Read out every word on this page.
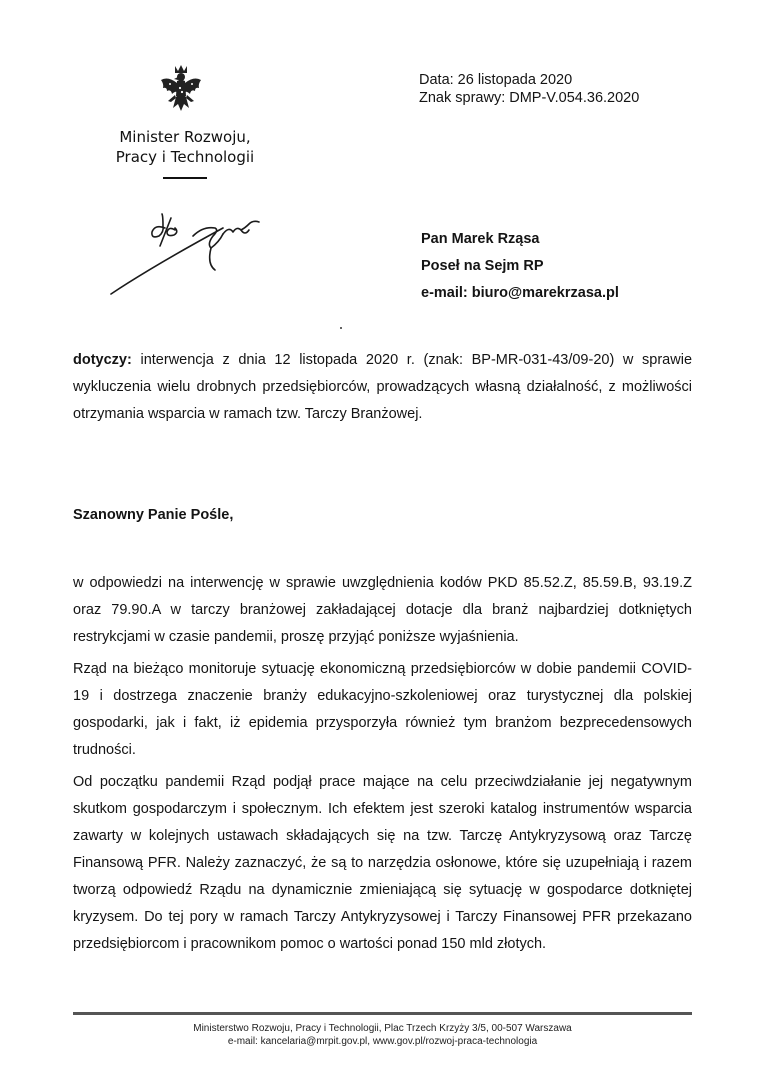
Minister Rozwoju,
Pracy i Technologii
Data: 26 listopada 2020
Znak sprawy: DMP-V.054.36.2020
Pan Marek Rząsa
Poseł na Sejm RP
e-mail: biuro@marekrzasa.pl
dotyczy: interwencja z dnia 12 listopada 2020 r. (znak: BP-MR-031-43/09-20) w sprawie wykluczenia wielu drobnych przedsiębiorców, prowadzących własną działalność, z możliwości otrzymania wsparcia w ramach tzw. Tarczy Branżowej.
Szanowny Panie Pośle,
w odpowiedzi na interwencję w sprawie uwzględnienia kodów PKD 85.52.Z, 85.59.B, 93.19.Z oraz 79.90.A w tarczy branżowej zakładającej dotacje dla branż najbardziej dotkniętych restrykcjami w czasie pandemii, proszę przyjąć poniższe wyjaśnienia.
Rząd na bieżąco monitoruje sytuację ekonomiczną przedsiębiorców w dobie pandemii COVID-19 i dostrzega znaczenie branży edukacyjno-szkoleniowej oraz turystycznej dla polskiej gospodarki, jak i fakt, iż epidemia przysporzyła również tym branżom bezprecedensowych trudności.
Od początku pandemii Rząd podjął prace mające na celu przeciwdziałanie jej negatywnym skutkom gospodarczym i społecznym. Ich efektem jest szeroki katalog instrumentów wsparcia zawarty w kolejnych ustawach składających się na tzw. Tarczę Antykryzysową oraz Tarczę Finansową PFR. Należy zaznaczyć, że są to narzędzia osłonowe, które się uzupełniają i razem tworzą odpowiedź Rządu na dynamicznie zmieniającą się sytuację w gospodarce dotkniętej kryzysem. Do tej pory w ramach Tarczy Antykryzysowej i Tarczy Finansowej PFR przekazano przedsiębiorcom i pracownikom pomoc o wartości ponad 150 mld złotych.
Ministerstwo Rozwoju, Pracy i Technologii, Plac Trzech Krzyży 3/5, 00-507 Warszawa
e-mail: kancelaria@mrpit.gov.pl, www.gov.pl/rozwoj-praca-technologia
